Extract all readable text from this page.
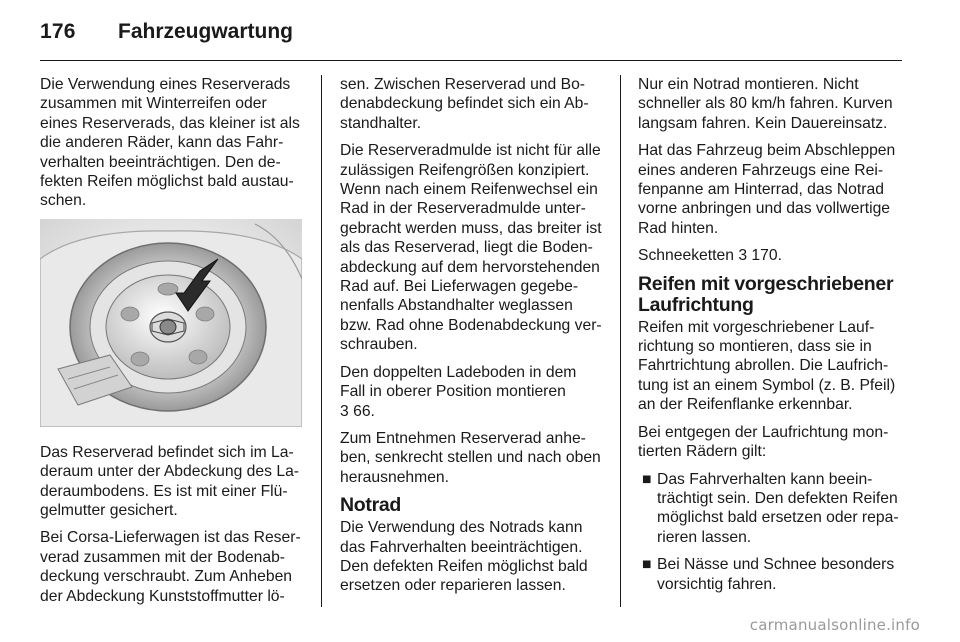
176 Fahrzeugwartung

Die Verwendung eines Reserverads zusammen mit Winterreifen oder eines Reserverads, das kleiner ist als die anderen Räder, kann das Fahr-verhalten beeinträchtigen. Den de-fekten Reifen möglichst bald austau-schen.

Das Reserverad befindet sich im La-deraum unter der Abdeckung des La-deraumbodens. Es ist mit einer Flü-gelmutter gesichert.

Bei Corsa-Lieferwagen ist das Reser-verad zusammen mit der Bodenab-deckung verschraubt. Zum Anheben der Abdeckung Kunststoffmutter lö-

sen. Zwischen Reserverad und Bo-denabdeckung befindet sich ein Ab-standhalter.

Die Reserveradmulde ist nicht für alle zulässigen Reifengrößen konzipiert. Wenn nach einem Reifenwechsel ein Rad in der Reserveradmulde unter-gebracht werden muss, das breiter ist als das Reserverad, liegt die Boden-abdeckung auf dem hervorstehenden Rad auf. Bei Lieferwagen gegebe-nenfalls Abstandhalter weglassen bzw. Rad ohne Bodenabdeckung ver-schrauben.

Den doppelten Ladeboden in dem Fall in oberer Position montieren
3 66.

Zum Entnehmen Reserverad anhe-ben, senkrecht stellen und nach oben herausnehmen.

Notrad

Die Verwendung des Notrads kann das Fahrverhalten beeinträchtigen. Den defekten Reifen möglichst bald ersetzen oder reparieren lassen.

Nur ein Notrad montieren. Nicht schneller als 80 km/h fahren. Kurven langsam fahren. Kein Dauereinsatz.

Hat das Fahrzeug beim Abschleppen eines anderen Fahrzeugs eine Rei-fenpanne am Hinterrad, das Notrad vorne anbringen und das vollwertige Rad hinten.

Schneeketten 3 170.

Reifen mit vorgeschriebener Laufrichtung

Reifen mit vorgeschriebener Lauf-richtung so montieren, dass sie in Fahrtrichtung abrollen. Die Laufrich-tung ist an einem Symbol (z. B. Pfeil) an der Reifenflanke erkennbar.

Bei entgegen der Laufrichtung mon-tierten Rädern gilt:

■ Das Fahrverhalten kann beein-trächtigt sein. Den defekten Reifen möglichst bald ersetzen oder repa-rieren lassen.
■ Bei Nässe und Schnee besonders vorsichtig fahren.
carmanualsonline.info
